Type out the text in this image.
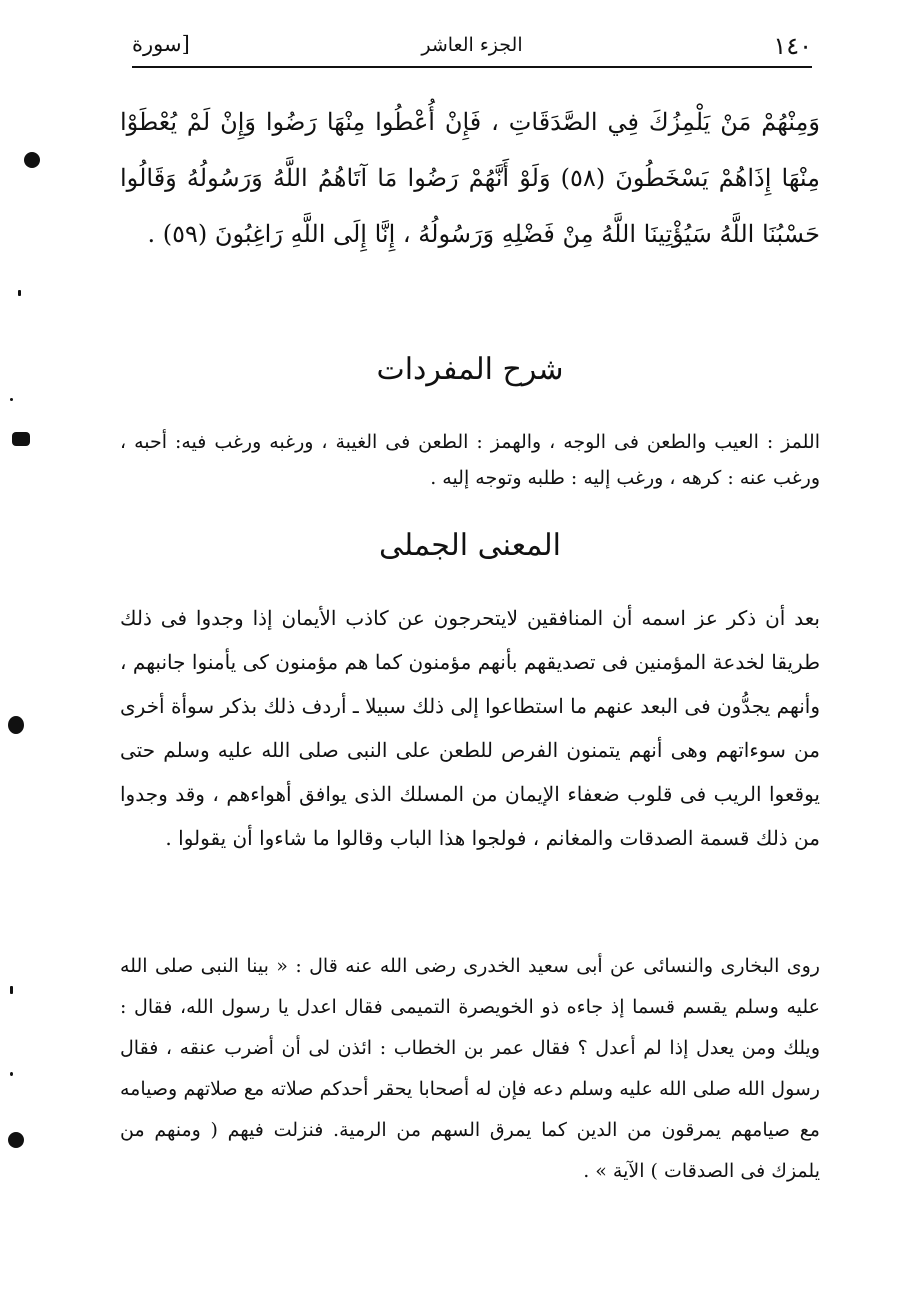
١٤٠
الجزء العاشر
[سورة

وَمِنْهُمْ مَنْ يَلْمِزُكَ فِي الصَّدَقَاتِ ، فَإِنْ أُعْطُوا مِنْهَا رَضُوا وَإِنْ لَمْ يُعْطَوْا مِنْهَا إِذَاهُمْ يَسْخَطُونَ (٥٨) وَلَوْ أَنَّهُمْ رَضُوا مَا آتَاهُمُ اللَّهُ وَرَسُولُهُ وَقَالُوا حَسْبُنَا اللَّهُ سَيُؤْتِينَا اللَّهُ مِنْ فَضْلِهِ وَرَسُولُهُ ، إِنَّا إِلَى اللَّهِ رَاغِبُونَ (٥٩) .

شرح المفردات

اللمز : العيب والطعن فى الوجه ، والهمز : الطعن فى الغيبة ، ورغبه ورغب فيه: أحبه ، ورغب عنه : كرهه ، ورغب إليه : طلبه وتوجه إليه .

المعنى الجملى

بعد أن ذكر عز اسمه أن المنافقين لايتحرجون عن كاذب الأيمان إذا وجدوا فى ذلك طريقا لخدعة المؤمنين فى تصديقهم بأنهم مؤمنون كما هم مؤمنون كى يأمنوا جانبهم ، وأنهم يجدُّون فى البعد عنهم ما استطاعوا إلى ذلك سبيلا ـ أردف ذلك بذكر سوأة أخرى من سوءاتهم وهى أنهم يتمنون الفرص للطعن على النبى صلى الله عليه وسلم حتى يوقعوا الريب فى قلوب ضعفاء الإيمان من المسلك الذى يوافق أهواءهم ، وقد وجدوا من ذلك قسمة الصدقات والمغانم ، فولجوا هذا الباب وقالوا ما شاءوا أن يقولوا .

روى البخارى والنسائى عن أبى سعيد الخدرى رضى الله عنه قال : « بينا النبى صلى الله عليه وسلم يقسم قسما إذ جاءه ذو الخويصرة التميمى فقال اعدل يا رسول الله، فقال : ويلك ومن يعدل إذا لم أعدل ؟ فقال عمر بن الخطاب : ائذن لى أن أضرب عنقه ، فقال رسول الله صلى الله عليه وسلم دعه فإن له أصحابا يحقر أحدكم صلاته مع صلاتهم وصيامه مع صيامهم يمرقون من الدين كما يمرق السهم من الرمية. فنزلت فيهم ( ومنهم من يلمزك فى الصدقات ) الآية » .
